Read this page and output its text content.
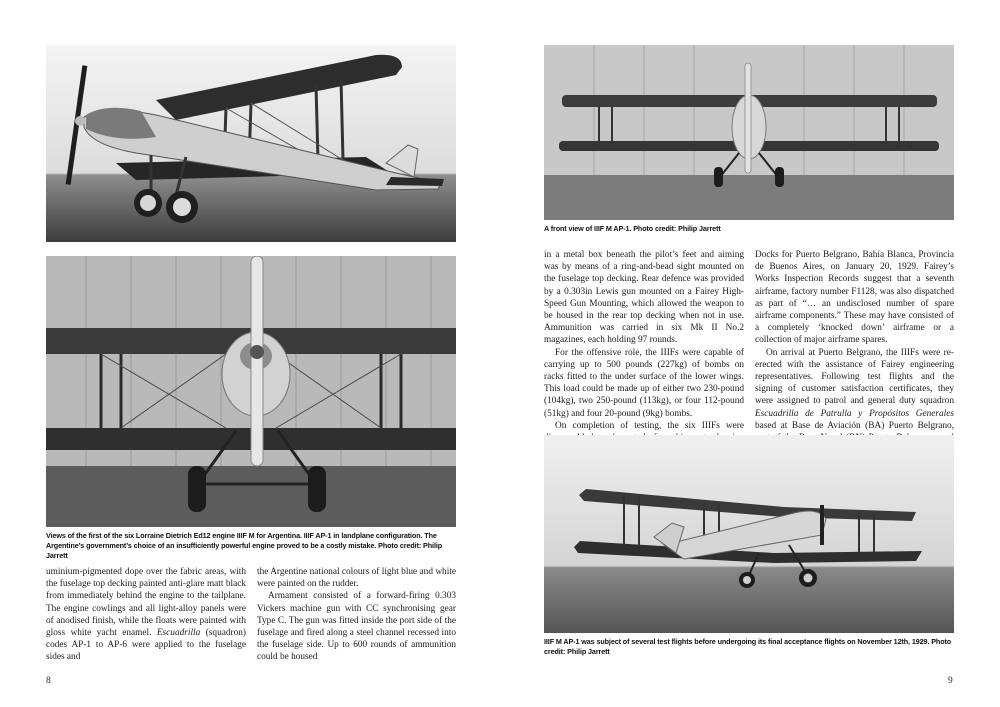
Views of the first of the six Lorraine Dietrich Ed12 engine IIIF M for Argentina. IIIF AP-1 in landplane configuration. The Argentine’s government’s choice of an insufficiently powerful engine proved to be a costly mistake. Photo credit: Philip Jarrett

uminium-pigmented dope over the fabric areas, with the fuselage top decking painted anti-glare matt black from immediately behind the engine to the tailplane. The engine cowlings and all light-alloy panels were of anodised finish, while the floats were painted with gloss white yacht enamel. Escuadrilla (squadron) codes AP-1 to AP-6 were applied to the fuselage sides and

the Argentine national colours of light blue and white were painted on the rudder.

Armament consisted of a forward-firing 0.303 Vickers machine gun with CC synchronising gear Type C. The gun was fitted inside the port side of the fuselage and fired along a steel channel recessed into the fuselage side. Up to 600 rounds of ammunition could be housed

8
A front view of IIIF M AP-1. Photo credit: Philip Jarrett

in a metal box beneath the pilot’s feet and aiming was by means of a ring-and-bead sight mounted on the fuselage top decking. Rear defence was provided by a 0.303in Lewis gun mounted on a Fairey High-Speed Gun Mounting, which allowed the weapon to be housed in the rear top decking when not in use. Ammunition was carried in six Mk II No.2 magazines, each holding 97 rounds.

For the offensive role, the IIIFs were capable of carrying up to 500 pounds (227kg) of bombs on racks fitted to the under surface of the lower wings. This load could be made up of either two 230-pound (104kg), two 250-pound (113kg), or four 112-pound (51kg) and four 20-pound (9kg) bombs.

On completion of testing, the six IIIFs were

Docks for Puerto Belgrano, Bahía Blanca, Provincia de Buenos Aires, on January 20, 1929. Fairey’s Works Inspection Records suggest that a seventh airframe, factory number F1128, was also dispatched as part of “… an undisclosed number of spare airframe components.” These may have consisted of a completely ‘knocked down’ airframe or a collection of major airframe spares.

On arrival at Puerto Belgrano, the IIIFs were re-erected with the assistance of Fairey engineering representatives. Following test flights and the signing of customer satisfaction certificates, they were assigned to patrol and general duty squadron Escuadrilla de Patrulla y Propósitos Generales based at Base de Aviación (BA) Puerto Belgrano,

IIIF M AP-1 was subject of several test flights before undergoing its final acceptance flights on November 12th, 1929. Photo credit: Philip Jarrett
9
